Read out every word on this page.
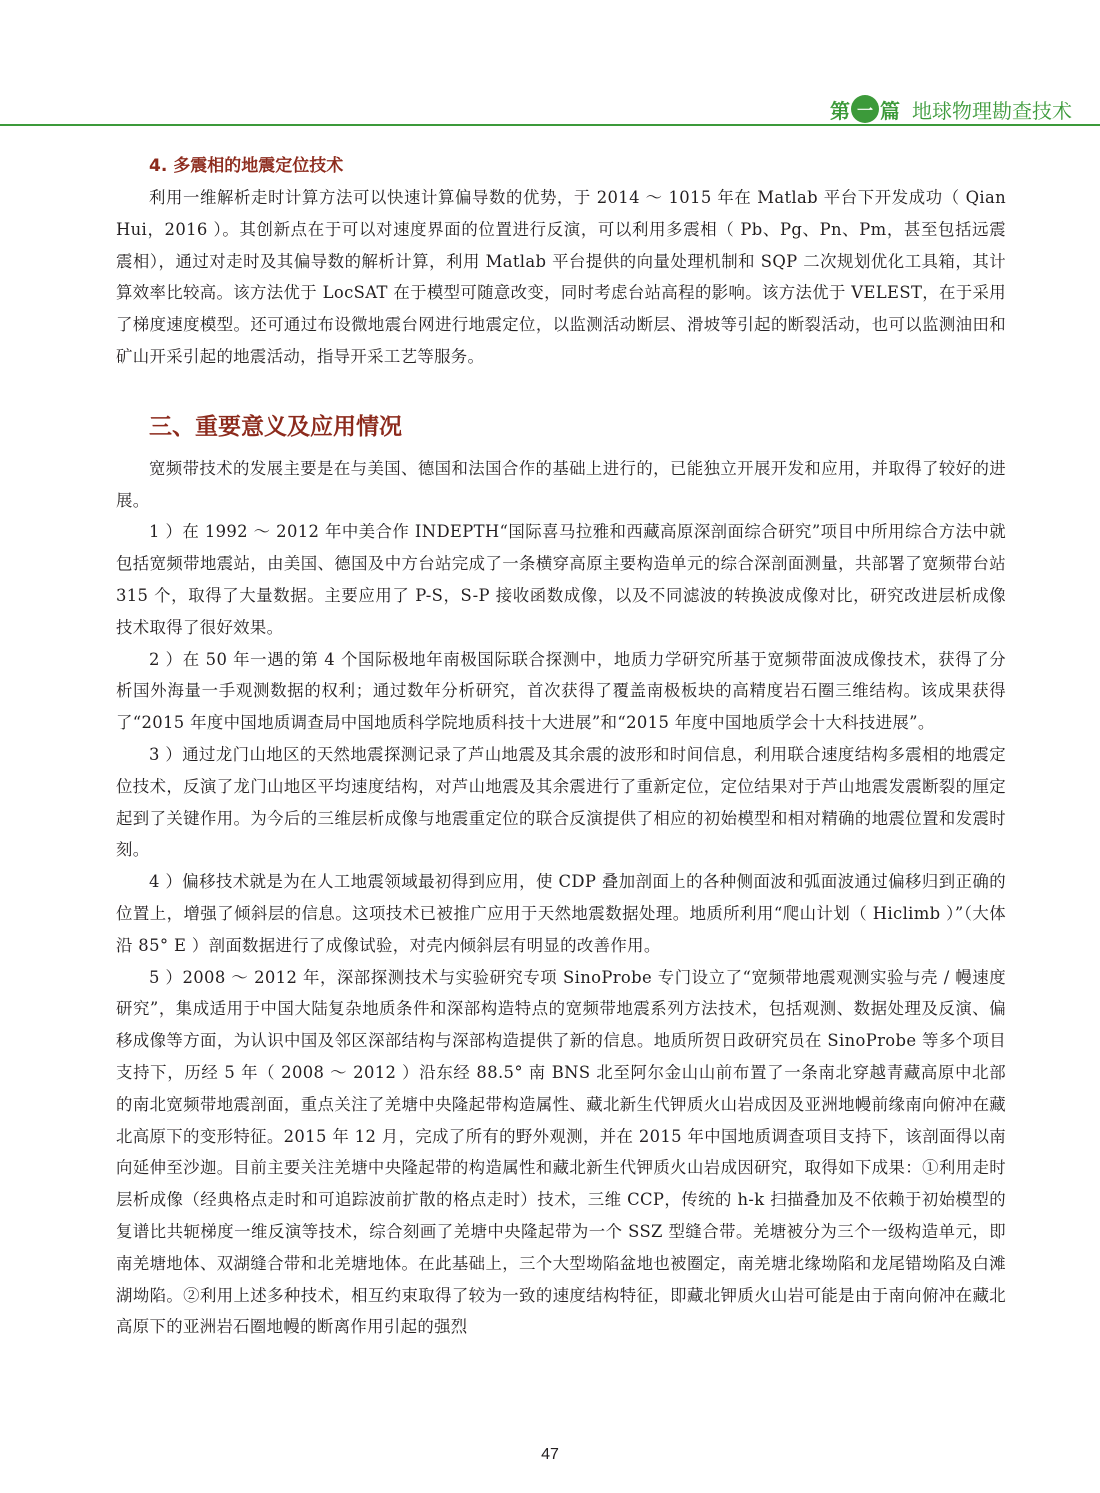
第 一 篇 地球物理勘查技术
4. 多震相的地震定位技术

利用一维解析走时计算方法可以快速计算偏导数的优势，于 2014 ～ 1015 年在 Matlab 平台下开发成功（ Qian Hui，2016 ）。其创新点在于可以对速度界面的位置进行反演，可以利用多震相（ Pb、Pg、Pn、Pm，甚至包括远震震相），通过对走时及其偏导数的解析计算，利用 Matlab 平台提供的向量处理机制和 SQP 二次规划优化工具箱，其计算效率比较高。该方法优于 LocSAT 在于模型可随意改变，同时考虑台站高程的影响。该方法优于 VELEST，在于采用了梯度速度模型。还可通过布设微地震台网进行地震定位，以监测活动断层、滑坡等引起的断裂活动，也可以监测油田和矿山开采引起的地震活动，指导开采工艺等服务。

三、重要意义及应用情况

宽频带技术的发展主要是在与美国、德国和法国合作的基础上进行的，已能独立开展开发和应用，并取得了较好的进展。

1 ）在 1992 ～ 2012 年中美合作 INDEPTH“国际喜马拉雅和西藏高原深剖面综合研究”项目中所用综合方法中就包括宽频带地震站，由美国、德国及中方台站完成了一条横穿高原主要构造单元的综合深剖面测量，共部署了宽频带台站 315 个，取得了大量数据。主要应用了 P-S，S-P 接收函数成像，以及不同滤波的转换波成像对比，研究改进层析成像技术取得了很好效果。

2 ）在 50 年一遇的第 4 个国际极地年南极国际联合探测中，地质力学研究所基于宽频带面波成像技术，获得了分析国外海量一手观测数据的权利；通过数年分析研究，首次获得了覆盖南极板块的高精度岩石圈三维结构。该成果获得了“2015 年度中国地质调查局中国地质科学院地质科技十大进展”和“2015 年度中国地质学会十大科技进展”。

3 ）通过龙门山地区的天然地震探测记录了芦山地震及其余震的波形和时间信息，利用联合速度结构多震相的地震定位技术，反演了龙门山地区平均速度结构，对芦山地震及其余震进行了重新定位，定位结果对于芦山地震发震断裂的厘定起到了关键作用。为今后的三维层析成像与地震重定位的联合反演提供了相应的初始模型和相对精确的地震位置和发震时刻。

4 ）偏移技术就是为在人工地震领域最初得到应用，使 CDP 叠加剖面上的各种侧面波和弧面波通过偏移归到正确的位置上，增强了倾斜层的信息。这项技术已被推广应用于天然地震数据处理。地质所利用“爬山计划（ Hiclimb ）”（大体沿 85° E ）剖面数据进行了成像试验，对壳内倾斜层有明显的改善作用。

5 ）2008 ～ 2012 年，深部探测技术与实验研究专项 SinoProbe 专门设立了“宽频带地震观测实验与壳 / 幔速度研究”，集成适用于中国大陆复杂地质条件和深部构造特点的宽频带地震系列方法技术，包括观测、数据处理及反演、偏移成像等方面，为认识中国及邻区深部结构与深部构造提供了新的信息。地质所贺日政研究员在 SinoProbe 等多个项目支持下，历经 5 年（ 2008 ～ 2012 ）沿东经 88.5° 南 BNS 北至阿尔金山山前布置了一条南北穿越青藏高原中北部的南北宽频带地震剖面，重点关注了羌塘中央隆起带构造属性、藏北新生代钾质火山岩成因及亚洲地幔前缘南向俯冲在藏北高原下的变形特征。2015 年 12 月，完成了所有的野外观测，并在 2015 年中国地质调查项目支持下，该剖面得以南向延伸至沙迦。目前主要关注羌塘中央隆起带的构造属性和藏北新生代钾质火山岩成因研究，取得如下成果：①利用走时层析成像（经典格点走时和可追踪波前扩散的格点走时）技术，三维 CCP，传统的 h-k 扫描叠加及不依赖于初始模型的复谱比共轭梯度一维反演等技术，综合刻画了羌塘中央隆起带为一个 SSZ 型缝合带。羌塘被分为三个一级构造单元，即南羌塘地体、双湖缝合带和北羌塘地体。在此基础上，三个大型坳陷盆地也被圈定，南羌塘北缘坳陷和龙尾错坳陷及白滩湖坳陷。②利用上述多种技术，相互约束取得了较为一致的速度结构特征，即藏北钾质火山岩可能是由于南向俯冲在藏北高原下的亚洲岩石圈地幔的断离作用引起的强烈

47
